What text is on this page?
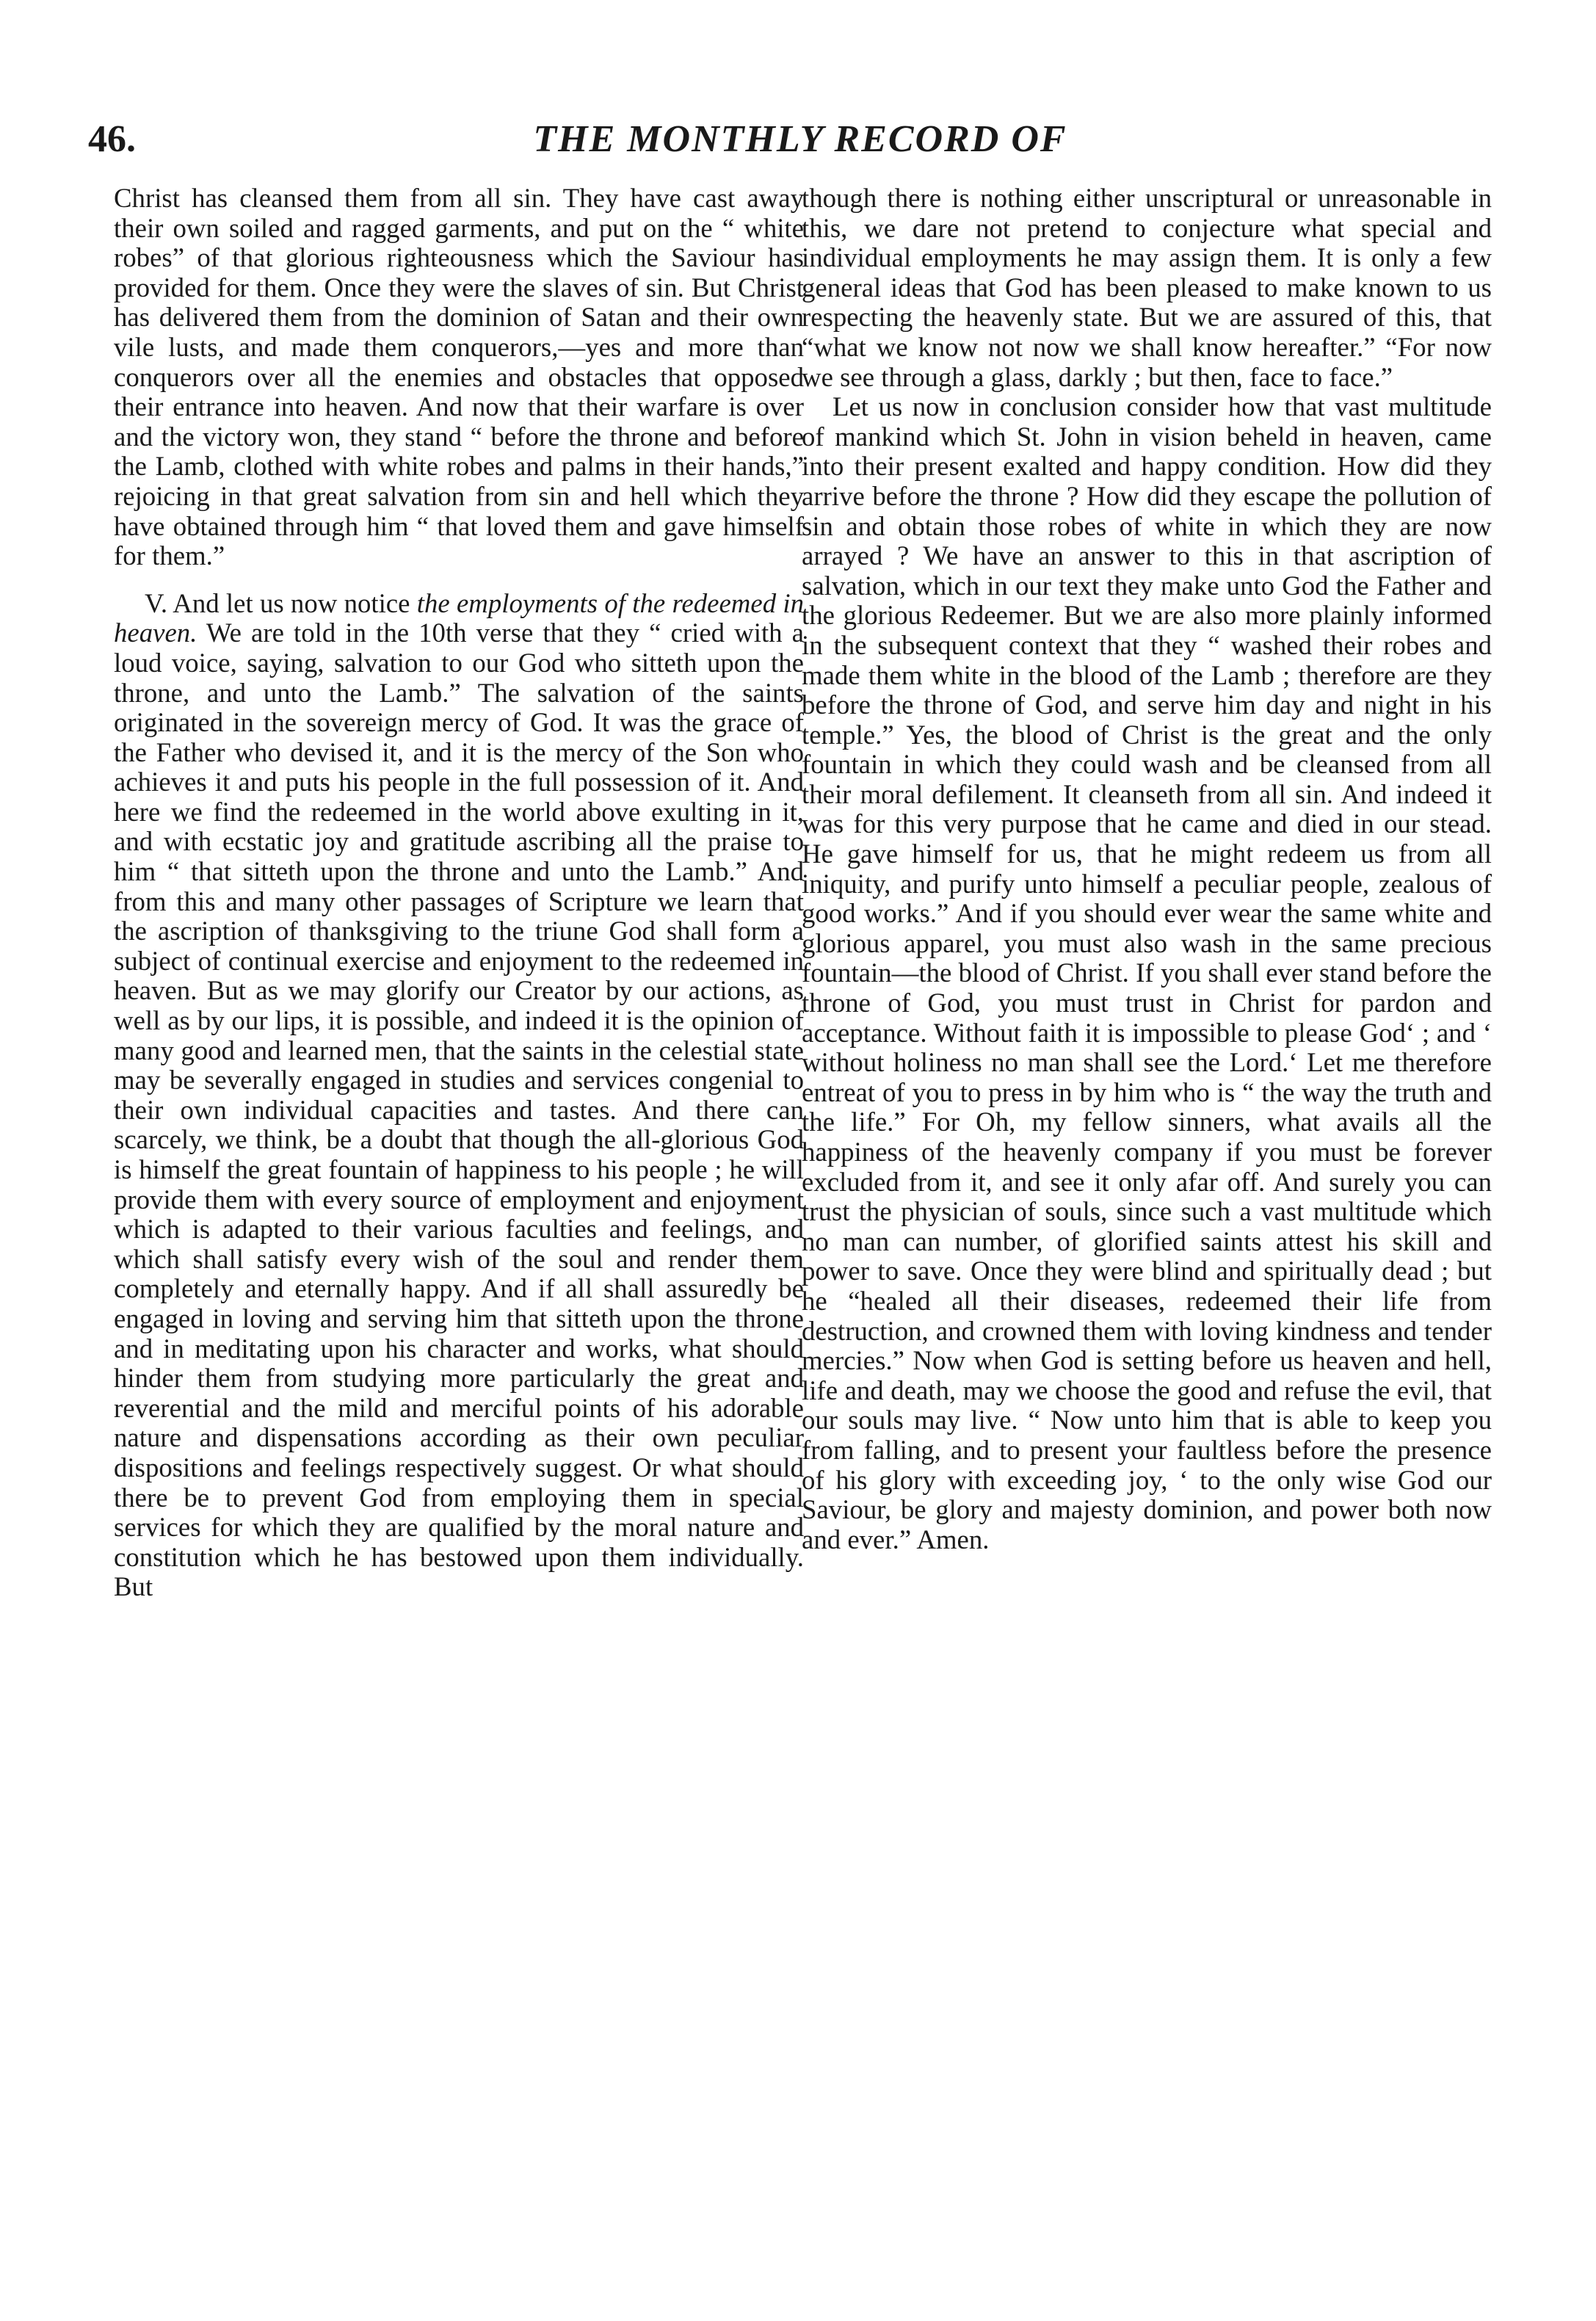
46.	THE MONTHLY RECORD OF

Christ has cleansed them from all sin. They have cast away their own soiled and ragged garments, and put on the “ white robes” of that glorious righteousness which the Saviour has provided for them. Once they were the slaves of sin. But Christ has delivered them from the dominion of Satan and their own vile lusts, and made them conquerors,—yes and more than conquerors over all the enemies and obstacles that opposed their entrance into heaven. And now that their warfare is over and the victory won, they stand “ before the throne and before the Lamb, clothed with white robes and palms in their hands,” rejoicing in that great salvation from sin and hell which they have obtained through him “ that loved them and gave himself for them.”

V. And let us now notice the employments of the redeemed in heaven. We are told in the 10th verse that they “ cried with a loud voice, saying, salvation to our God who sitteth upon the throne, and unto the Lamb.” The salvation of the saints originated in the sovereign mercy of God. It was the grace of the Father who devised it, and it is the mercy of the Son who achieves it and puts his people in the full possession of it. And here we find the redeemed in the world above exulting in it, and with ecstatic joy and gratitude ascribing all the praise to him “ that sitteth upon the throne and unto the Lamb.” And from this and many other passages of Scripture we learn that the ascription of thanksgiving to the triune God shall form a subject of continual exercise and enjoyment to the redeemed in heaven. But as we may glorify our Creator by our actions, as well as by our lips, it is possible, and indeed it is the opinion of many good and learned men, that the saints in the celestial state may be severally engaged in studies and services congenial to their own individual capacities and tastes. And there can scarcely, we think, be a doubt that though the all-glorious God is himself the great fountain of happiness to his people ; he will provide them with every source of employment and enjoyment which is adapted to their various faculties and feelings, and which shall satisfy every wish of the soul and render them completely and eternally happy. And if all shall assuredly be engaged in loving and serving him that sitteth upon the throne and in meditating upon his character and works, what should hinder them from studying more particularly the great and reverential and the mild and merciful points of his adorable nature and dispensations according as their own peculiar dispositions and feelings respectively suggest. Or what should there be to prevent God from employing them in special services for which they are qualified by the moral nature and constitution which he has bestowed upon them individually. But

though there is nothing either unscriptural or unreasonable in this, we dare not pretend to conjecture what special and individual employments he may assign them. It is only a few general ideas that God has been pleased to make known to us respecting the heavenly state. But we are assured of this, that “what we know not now we shall know hereafter.” “For now we see through a glass, darkly ; but then, face to face.”

Let us now in conclusion consider how that vast multitude of mankind which St. John in vision beheld in heaven, came into their present exalted and happy condition. How did they arrive before the throne ? How did they escape the pollution of sin and obtain those robes of white in which they are now arrayed ? We have an answer to this in that ascription of salvation, which in our text they make unto God the Father and the glorious Redeemer. But we are also more plainly informed in the subsequent context that they “ washed their robes and made them white in the blood of the Lamb ; therefore are they before the throne of God, and serve him day and night in his temple.” Yes, the blood of Christ is the great and the only fountain in which they could wash and be cleansed from all their moral defilement. It cleanseth from all sin. And indeed it was for this very purpose that he came and died in our stead. He gave himself for us, that he might redeem us from all iniquity, and purify unto himself a peculiar people, zealous of good works.” And if you should ever wear the same white and glorious apparel, you must also wash in the same precious fountain—the blood of Christ. If you shall ever stand before the throne of God, you must trust in Christ for pardon and acceptance. Without faith it is impossible to please God‘ ; and ‘ without holiness no man shall see the Lord.‘ Let me therefore entreat of you to press in by him who is “ the way the truth and the life.” For Oh, my fellow sinners, what avails all the happiness of the heavenly company if you must be forever excluded from it, and see it only afar off. And surely you can trust the physician of souls, since such a vast multitude which no man can number, of glorified saints attest his skill and power to save. Once they were blind and spiritually dead ; but he “healed all their diseases, redeemed their life from destruction, and crowned them with loving kindness and tender mercies.” Now when God is setting before us heaven and hell, life and death, may we choose the good and refuse the evil, that our souls may live. “ Now unto him that is able to keep you from falling, and to present your faultless before the presence of his glory with exceeding joy, ‘ to the only wise God our Saviour, be glory and majesty dominion, and power both now and ever.” Amen.
